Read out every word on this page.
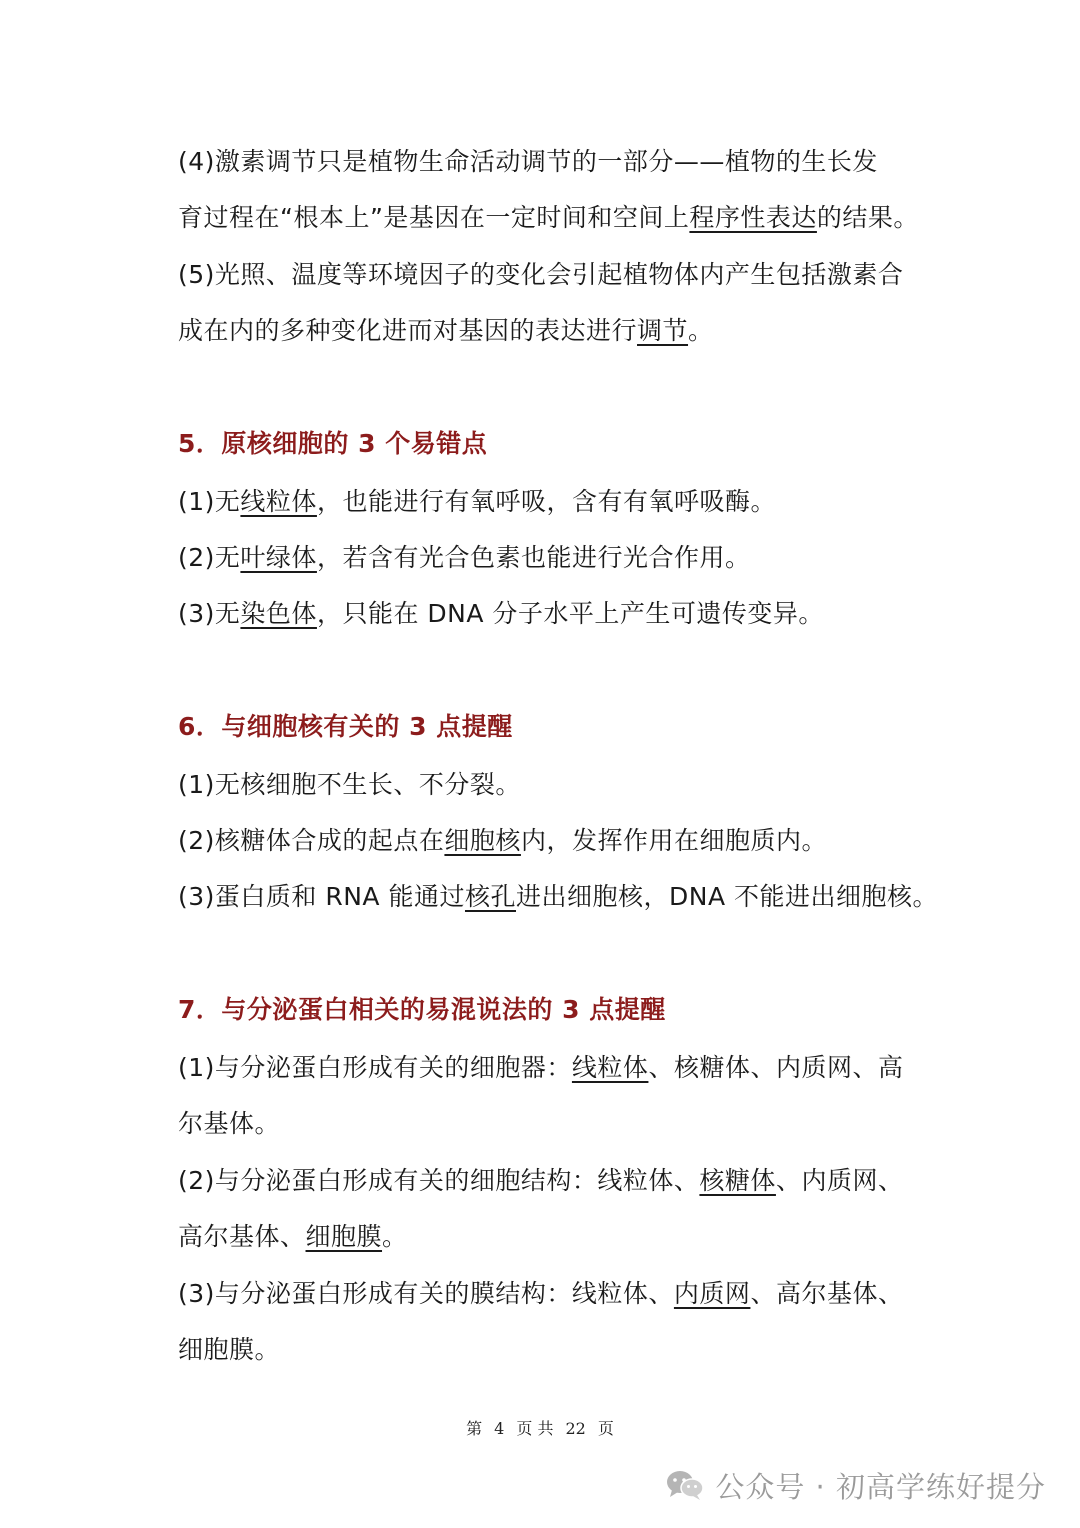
(4)激素调节只是植物生命活动调节的一部分——植物的生长发
育过程在“根本上”是基因在一定时间和空间上程序性表达的结果。
(5)光照、温度等环境因子的变化会引起植物体内产生包括激素合
成在内的多种变化进而对基因的表达进行调节。
5．原核细胞的 3 个易错点
(1)无线粒体，也能进行有氧呼吸，含有有氧呼吸酶。
(2)无叶绿体，若含有光合色素也能进行光合作用。
(3)无染色体，只能在 DNA 分子水平上产生可遗传变异。
6．与细胞核有关的 3 点提醒
(1)无核细胞不生长、不分裂。
(2)核糖体合成的起点在细胞核内，发挥作用在细胞质内。
(3)蛋白质和 RNA 能通过核孔进出细胞核，DNA 不能进出细胞核。
7．与分泌蛋白相关的易混说法的 3 点提醒
(1)与分泌蛋白形成有关的细胞器：线粒体、核糖体、内质网、高
尔基体。
(2)与分泌蛋白形成有关的细胞结构：线粒体、核糖体、内质网、
高尔基体、细胞膜。
(3)与分泌蛋白形成有关的膜结构：线粒体、内质网、高尔基体、
细胞膜。
第 4 页 共 22 页
公众号 · 初高学练好提分
